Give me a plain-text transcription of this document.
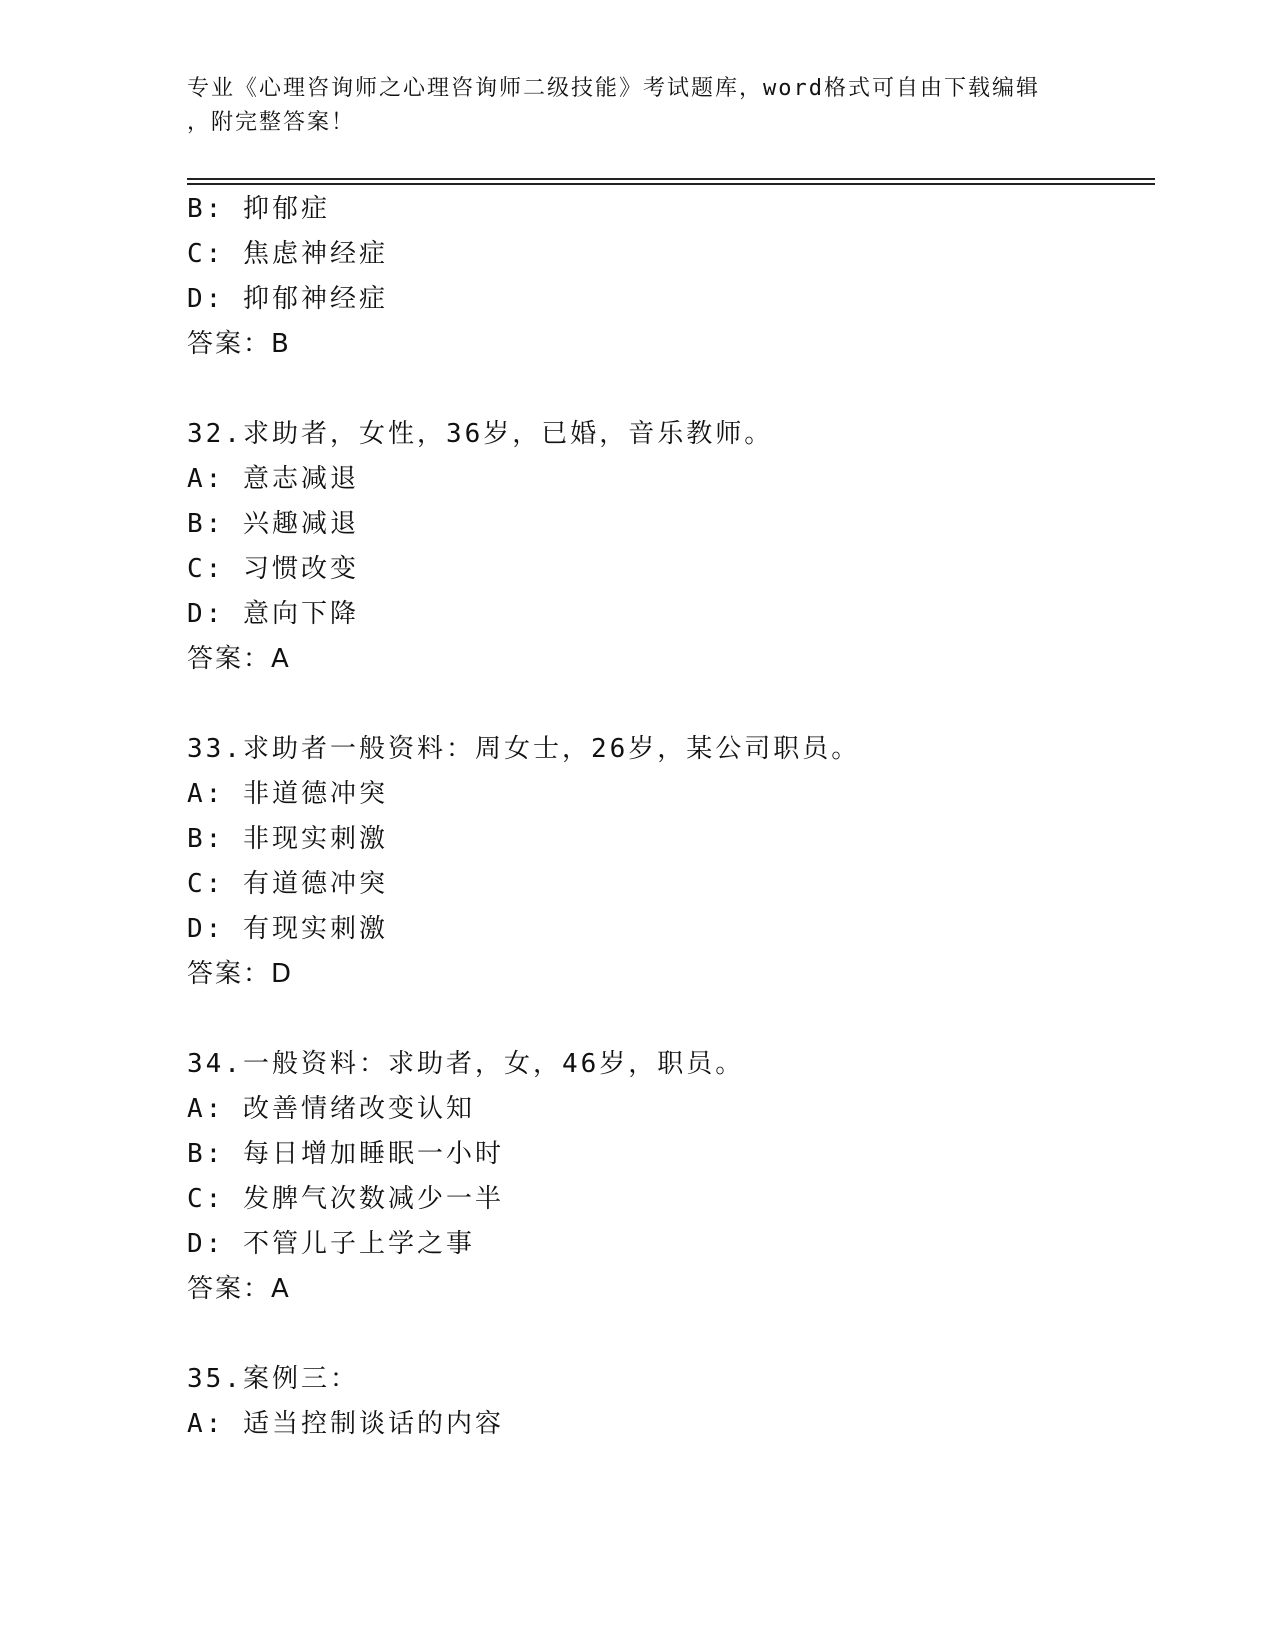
专业《心理咨询师之心理咨询师二级技能》考试题库，word格式可自由下载编辑
，附完整答案！
B: 抑郁症
C: 焦虑神经症
D: 抑郁神经症
答案：B
32.求助者，女性，36岁，已婚，音乐教师。
A: 意志减退
B: 兴趣减退
C: 习惯改变
D: 意向下降
答案：A
33.求助者一般资料：周女士，26岁，某公司职员。
A: 非道德冲突
B: 非现实刺激
C: 有道德冲突
D: 有现实刺激
答案：D
34.一般资料：求助者，女，46岁，职员。
A: 改善情绪改变认知
B: 每日增加睡眠一小时
C: 发脾气次数减少一半
D: 不管儿子上学之事
答案：A
35.案例三：
A: 适当控制谈话的内容
